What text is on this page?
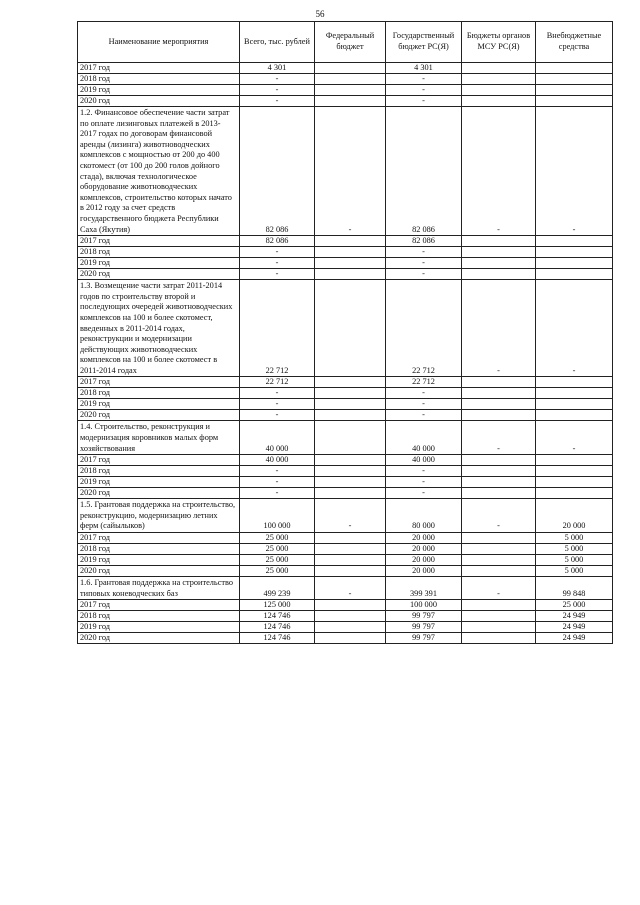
56
Наименование мероприятия	Всего, тыс. рублей	Федеральный бюджет	Государственный бюджет РС(Я)	Бюджеты органов МСУ РС(Я)	Внебюджетные средства
2017 год	4 301		4 301		
2018 год	-		-		
2019 год	-		-		
2020 год	-		-		
1.2. Финансовое обеспечение части затрат по оплате лизинговых платежей в 2013-2017 годах по договорам финансовой аренды (лизинга) животноводческих комплексов с мощностью от 200 до 400 скотомест (от 100 до 200 голов дойного стада), включая технологическое оборудование животноводческих комплексов, строительство которых начато в 2012 году за счет средств государственного бюджета Республики Саха (Якутия)	82 086	-	82 086	-	-
2017 год	82 086		82 086		
2018 год	-		-		
2019 год	-		-		
2020 год	-		-		
1.3. Возмещение части затрат 2011-2014 годов по строительству второй и последующих очередей животноводческих комплексов на 100 и более скотомест, введенных в 2011-2014 годах, реконструкции и модернизации действующих животноводческих комплексов на 100 и более скотомест в 2011-2014 годах	22 712		22 712	-	-
2017 год	22 712		22 712		
2018 год	-		-		
2019 год	-		-		
2020 год	-		-		
1.4. Строительство, реконструкция и модернизация коровников малых форм хозяйствования	40 000		40 000	-	-
2017 год	40 000		40 000		
2018 год	-		-		
2019 год	-		-		
2020 год	-		-		
1.5. Грантовая поддержка на строительство, реконструкцию, модернизацию летних ферм (сайылыков)	100 000	-	80 000	-	20 000
2017 год	25 000		20 000		5 000
2018 год	25 000		20 000		5 000
2019 год	25 000		20 000		5 000
2020 год	25 000		20 000		5 000
1.6. Грантовая поддержка на строительство типовых коневодческих баз	499 239	-	399 391	-	99 848
2017 год	125 000		100 000		25 000
2018 год	124 746		99 797		24 949
2019 год	124 746		99 797		24 949
2020 год	124 746		99 797		24 949
